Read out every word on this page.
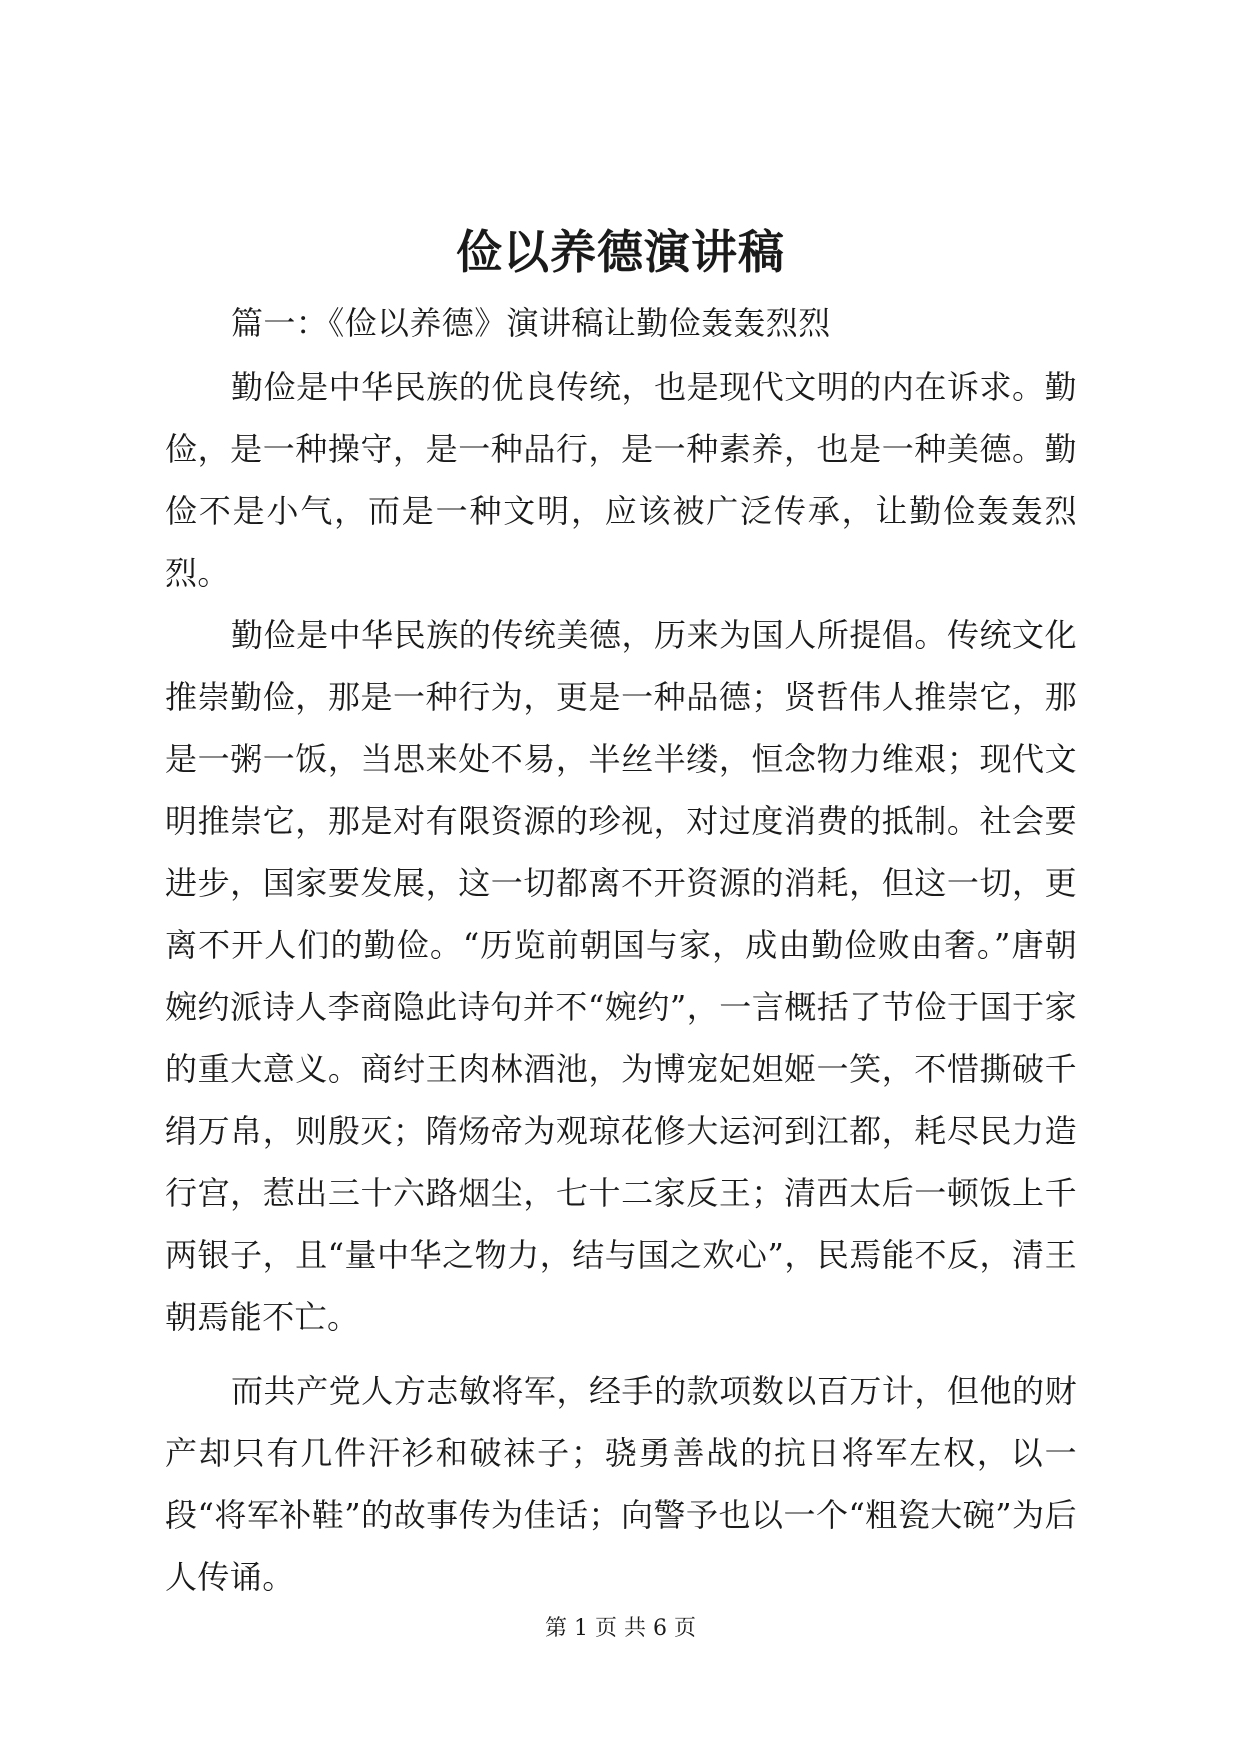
俭以养德演讲稿

篇一：《俭以养德》演讲稿让勤俭轰轰烈烈

勤俭是中华民族的优良传统，也是现代文明的内在诉求。勤俭，是一种操守，是一种品行，是一种素养，也是一种美德。勤俭不是小气，而是一种文明，应该被广泛传承，让勤俭轰轰烈烈。

勤俭是中华民族的传统美德，历来为国人所提倡。传统文化推崇勤俭，那是一种行为，更是一种品德；贤哲伟人推崇它，那是一粥一饭，当思来处不易，半丝半缕，恒念物力维艰；现代文明推崇它，那是对有限资源的珍视，对过度消费的抵制。社会要进步，国家要发展，这一切都离不开资源的消耗，但这一切，更离不开人们的勤俭。“历览前朝国与家，成由勤俭败由奢。”唐朝婉约派诗人李商隐此诗句并不“婉约”，一言概括了节俭于国于家的重大意义。商纣王肉林酒池，为博宠妃妲姬一笑，不惜撕破千绢万帛，则殷灭；隋炀帝为观琼花修大运河到江都，耗尽民力造行宫，惹出三十六路烟尘，七十二家反王；清西太后一顿饭上千两银子，且“量中华之物力，结与国之欢心”，民焉能不反，清王朝焉能不亡。

而共产党人方志敏将军，经手的款项数以百万计，但他的财产却只有几件汗衫和破袜子；骁勇善战的抗日将军左权，以一段“将军补鞋”的故事传为佳话；向警予也以一个“粗瓷大碗”为后人传诵。

第 1 页 共 6 页
